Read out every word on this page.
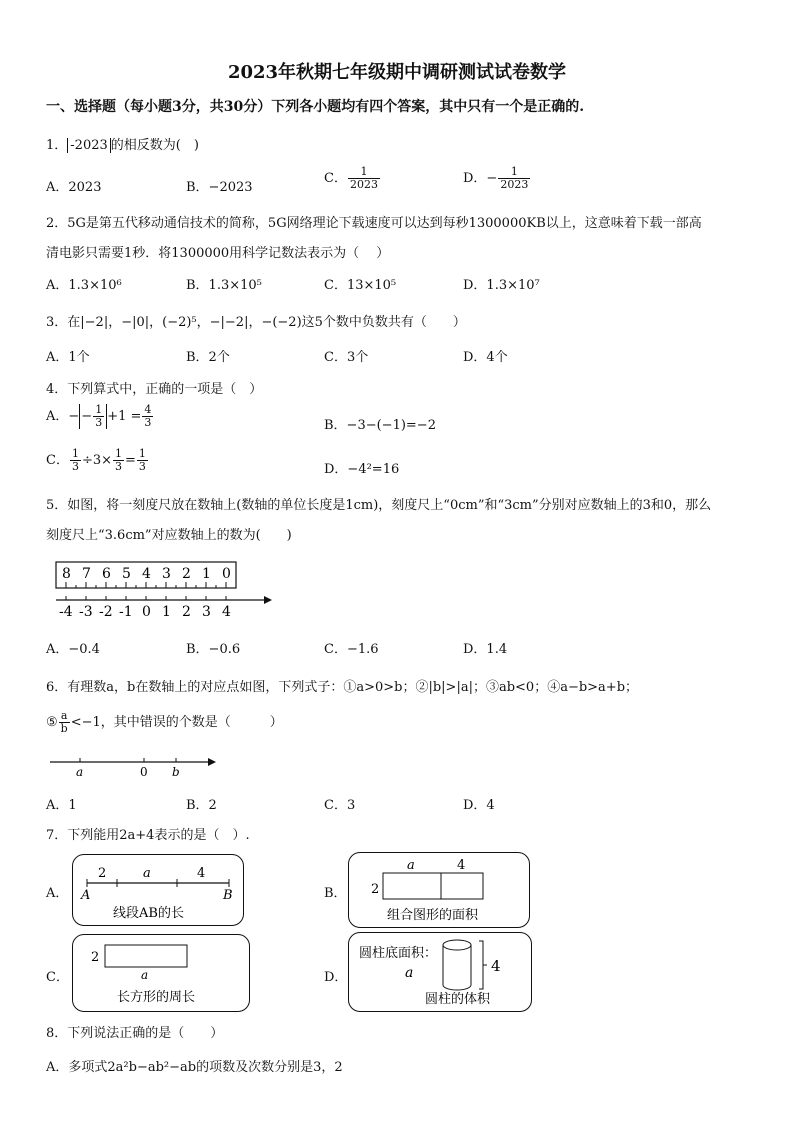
2023年秋期七年级期中调研测试试卷数学
一、选择题（每小题3分，共30分）下列各小题均有四个答案，其中只有一个是正确的.
1． -2023 的相反数为(　)
A．2023	B．−2023
C． $\frac{1}{2023}$	D．− $\frac{1}{2023}$
2．5G是第五代移动通信技术的简称，5G网络理论下载速度可以达到每秒1300000KB以上，这意味着下载一部高
清电影只需要1秒．将1300000用科学记数法表示为（　 ）
A．1.3×10⁶	B．1.3×10⁵	C．13×10⁵	D．1.3×10⁷
3．在|−2|，−|0|，(−2)⁵，−|−2|，−(−2)这5个数中负数共有（　　）
A．1个	B．2个	C．3个	D．4个
4．下列算式中，正确的一项是（　）
A．− − $\frac{1}{3} +1 = \frac{4}{3}$	B．−3−(−1)=−2
C． $\frac{1}{3} \div 3\times \frac{1}{3} = \frac{1}{3}$	D．−4²=16
5．如图，将一刻度尺放在数轴上(数轴的单位长度是1cm)，刻度尺上“0cm”和“3cm”分别对应数轴上的3和0，那么
刻度尺上“3.6cm”对应数轴上的数为(　　)
8 7 6 5 4 3 2 1 0
-4 -3 -2 -1 0 1 2 3 4
A．−0.4	B．−0.6	C．−1.6	D．1.4
6．有理数a，b在数轴上的对应点如图，下列式子：①a>0>b；②|b|>|a|；③ab<0；④a−b>a+b；
⑤ $\frac{a}{b} <-1$，其中错误的个数是（　　　）
a	0 b
A．1	B．2	C．3	D．4
7．下列能用2a+4表示的是（　）.
A．
2	a	4
A	B
线段AB的长
B．
a	4
2
组合图形的面积
C．
2
a
长方形的周长
D．
圆柱底面积：
a	4
圆柱的体积
8．下列说法正确的是（　　）
A．多项式2a²b−ab²−ab的项数及次数分别是3，2
